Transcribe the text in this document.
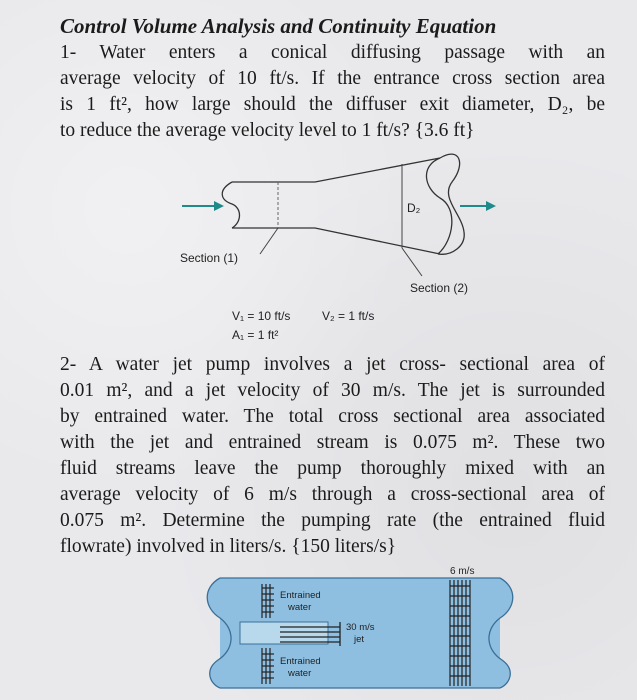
Control Volume Analysis and Continuity Equation
1- Water enters a conical diffusing passage with an
average velocity of 10 ft/s. If the entrance cross section area
is 1 ft², how large should the diffuser exit diameter, D₂, be
to reduce the average velocity level to 1 ft/s? {3.6 ft}
D₂
Section (1)
Section (2)
V₁ = 10 ft/s
A₁ = 1 ft²
V₂ = 1 ft/s
2- A water jet pump involves a jet cross- sectional area of
0.01 m², and a jet velocity of 30 m/s. The jet is surrounded
by entrained water. The total cross sectional area associated
with the jet and entrained stream is 0.075 m². These two
fluid streams leave the pump thoroughly mixed with an
average velocity of 6 m/s through a cross-sectional area of
0.075 m². Determine the pumping rate (the entrained fluid
flowrate) involved in liters/s. {150 liters/s}
6 m/s
Entrained
water
30 m/s
jet
Entrained
water
